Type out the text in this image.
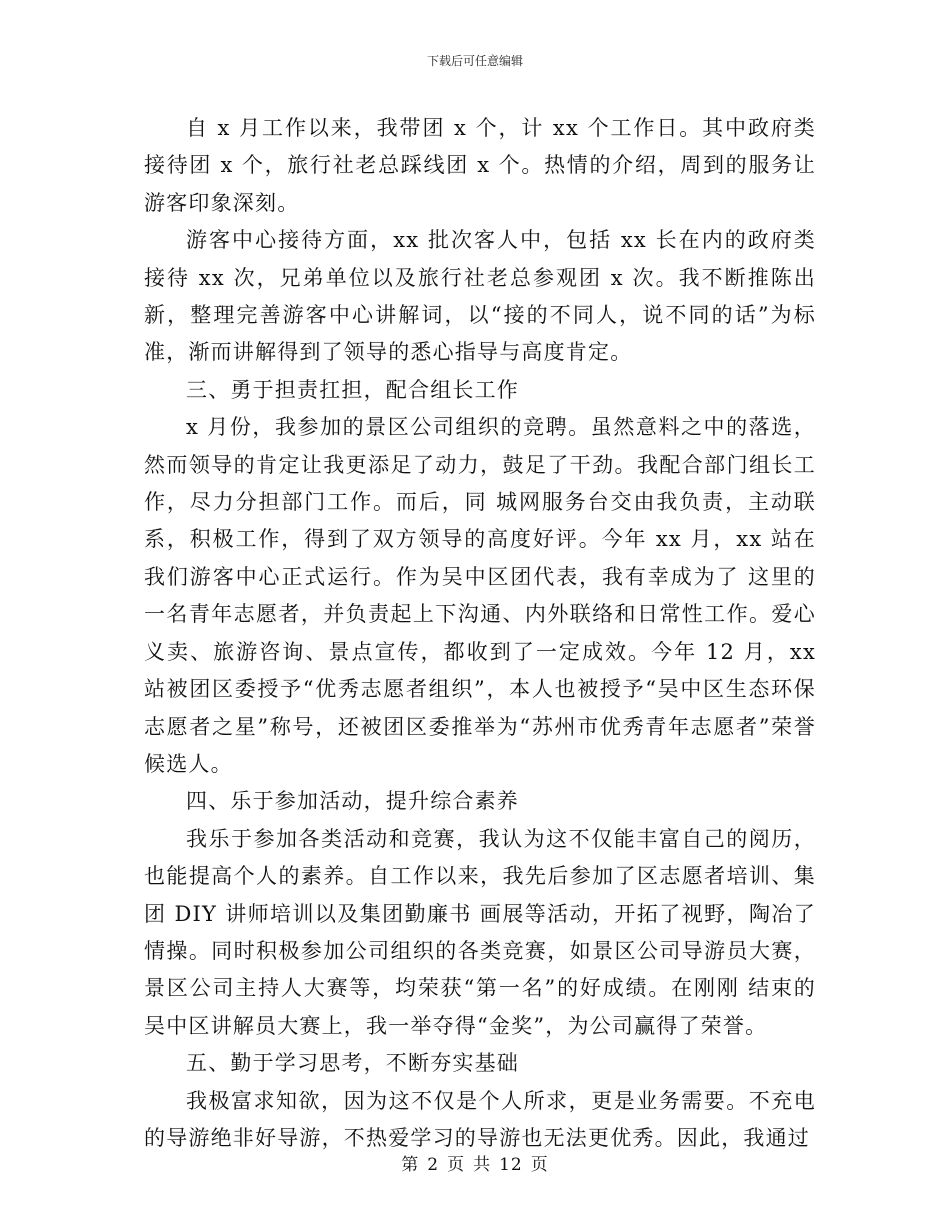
下载后可任意编辑

自 x 月工作以来，我带团 x 个，计 xx 个工作日。其中政府类接待团 x 个，旅行社老总踩线团 x 个。热情的介绍，周到的服务让游客印象深刻。

游客中心接待方面，xx 批次客人中，包括 xx 长在内的政府类接待 xx 次，兄弟单位以及旅行社老总参观团 x 次。我不断推陈出新，整理完善游客中心讲解词，以“接的不同人，说不同的话”为标准，渐而讲解得到了领导的悉心指导与高度肯定。

三、勇于担责扛担，配合组长工作

x 月份，我参加的景区公司组织的竞聘。虽然意料之中的落选，然而领导的肯定让我更添足了动力，鼓足了干劲。我配合部门组长工作，尽力分担部门工作。而后，同 城网服务台交由我负责，主动联系，积极工作，得到了双方领导的高度好评。今年 xx 月，xx 站在我们游客中心正式运行。作为吴中区团代表，我有幸成为了 这里的一名青年志愿者，并负责起上下沟通、内外联络和日常性工作。爱心义卖、旅游咨询、景点宣传，都收到了一定成效。今年 12 月，xx 站被团区委授予“优秀志愿者组织”，本人也被授予“吴中区生态环保志愿者之星”称号，还被团区委推举为“苏州市优秀青年志愿者”荣誉候选人。

四、乐于参加活动，提升综合素养

我乐于参加各类活动和竞赛，我认为这不仅能丰富自己的阅历，也能提高个人的素养。自工作以来，我先后参加了区志愿者培训、集团 DIY 讲师培训以及集团勤廉书 画展等活动，开拓了视野，陶冶了情操。同时积极参加公司组织的各类竞赛，如景区公司导游员大赛，景区公司主持人大赛等，均荣获“第一名”的好成绩。在刚刚 结束的吴中区讲解员大赛上，我一举夺得“金奖”，为公司赢得了荣誉。

五、勤于学习思考，不断夯实基础

我极富求知欲，因为这不仅是个人所求，更是业务需要。不充电的导游绝非好导游，不热爱学习的导游也无法更优秀。因此，我通过

第 2 页 共 12 页
